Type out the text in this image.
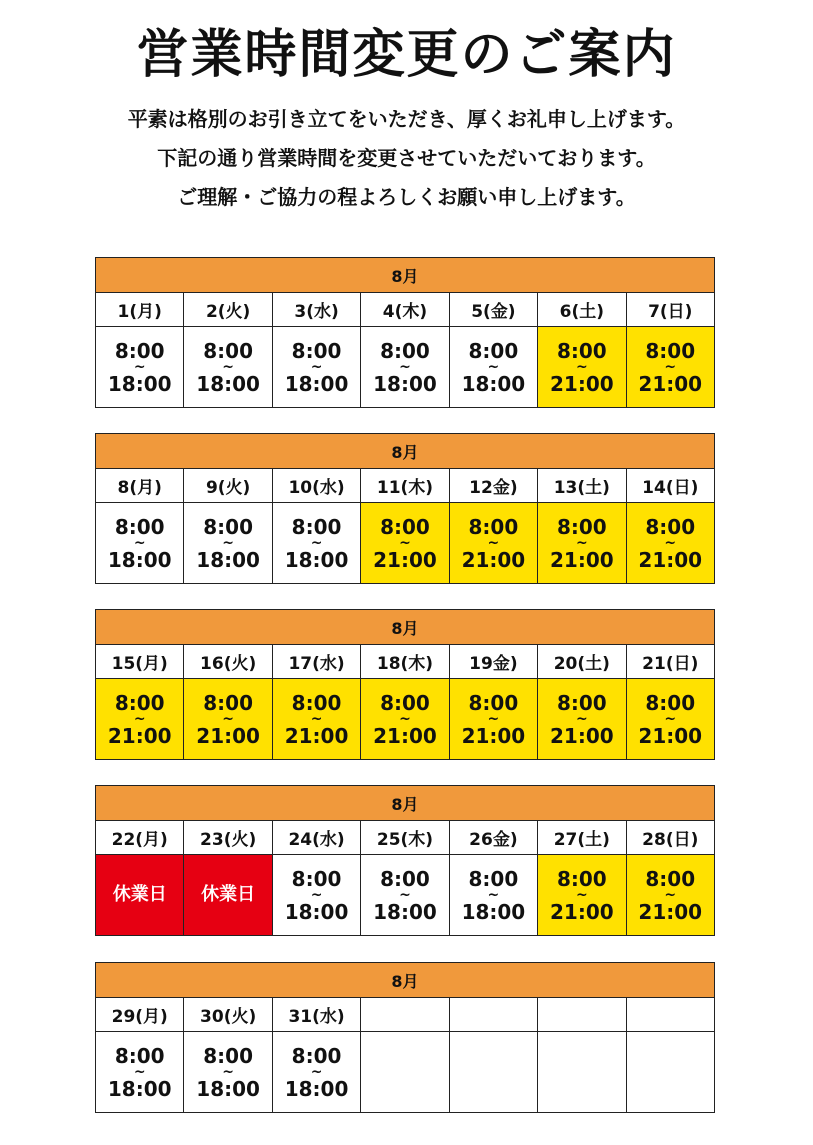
営業時間変更のご案内
平素は格別のお引き立てをいただき、厚くお礼申し上げます。
下記の通り営業時間を変更させていただいております。
ご理解・ご協力の程よろしくお願い申し上げます。
8月						
1(月)	2(火)	3(水)	4(木)	5(金)	6(土)	7(日)

8:00
~
18:00	8:00
~
18:00	8:00
~
18:00	8:00
~
18:00	8:00
~
18:00	8:00
~
21:00	8:00
~
21:00
8月						
8(月)	9(火)	10(水)	11(木)	12金)	13(土)	14(日)

8:00
~
18:00	8:00
~
18:00	8:00
~
18:00	8:00
~
21:00	8:00
~
21:00	8:00
~
21:00	8:00
~
21:00
8月						
15(月)	16(火)	17(水)	18(木)	19金)	20(土)	21(日)

8:00
~
21:00	8:00
~
21:00	8:00
~
21:00	8:00
~
21:00	8:00
~
21:00	8:00
~
21:00	8:00
~
21:00
8月						
22(月)	23(火)	24(水)	25(木)	26金)	27(土)	28(日)
休業日	休業日	8:00
~
18:00	8:00
~
18:00	8:00
~
18:00	8:00
~
21:00	8:00
~
21:00
8月						
29(月)	30(火)	31(水)				

8:00
~
18:00	8:00
~
18:00	8:00
~
18:00				
